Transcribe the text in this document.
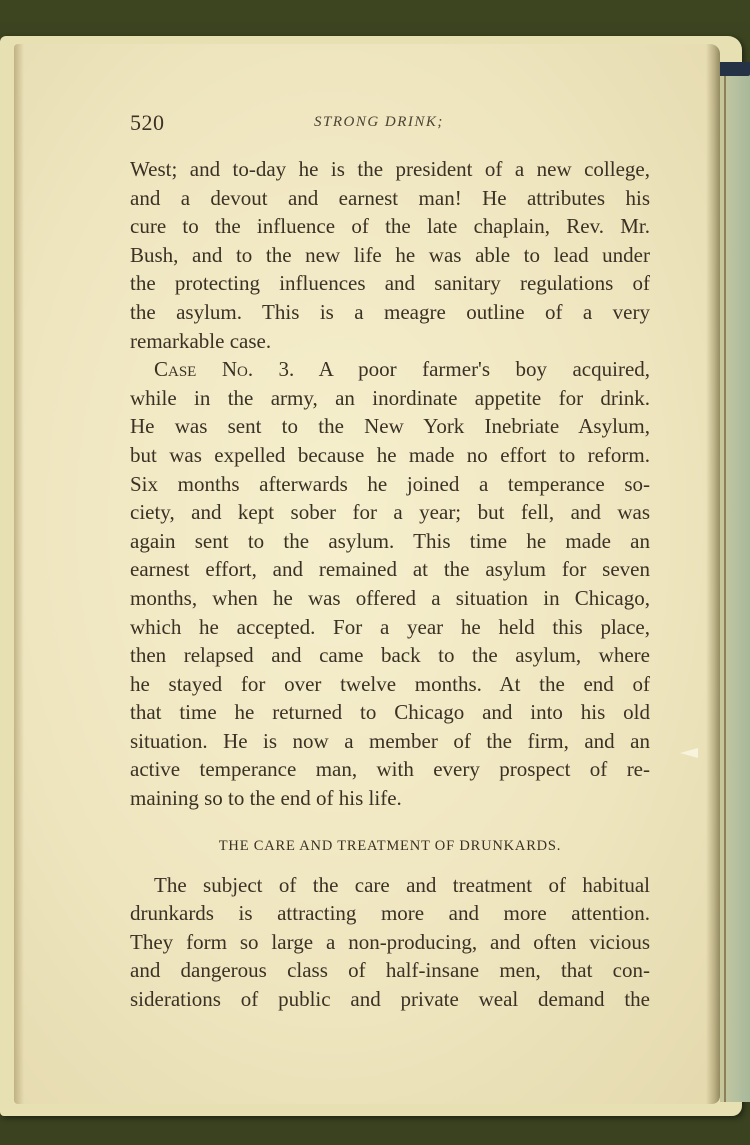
520	STRONG DRINK;
West; and to-day he is the president of a new college,
and a devout and earnest man! He attributes his
cure to the influence of the late chaplain, Rev. Mr.
Bush, and to the new life he was able to lead under
the protecting influences and sanitary regulations of
the asylum. This is a meagre outline of a very
remarkable case.
Case No. 3. A poor farmer's boy acquired,
while in the army, an inordinate appetite for drink.
He was sent to the New York Inebriate Asylum,
but was expelled because he made no effort to reform.
Six months afterwards he joined a temperance so-
ciety, and kept sober for a year; but fell, and was
again sent to the asylum. This time he made an
earnest effort, and remained at the asylum for seven
months, when he was offered a situation in Chicago,
which he accepted. For a year he held this place,
then relapsed and came back to the asylum, where
he stayed for over twelve months. At the end of
that time he returned to Chicago and into his old
situation. He is now a member of the firm, and an
active temperance man, with every prospect of re-
maining so to the end of his life.
THE CARE AND TREATMENT OF DRUNKARDS.
The subject of the care and treatment of habitual
drunkards is attracting more and more attention.
They form so large a non-producing, and often vicious
and dangerous class of half-insane men, that con-
siderations of public and private weal demand the
